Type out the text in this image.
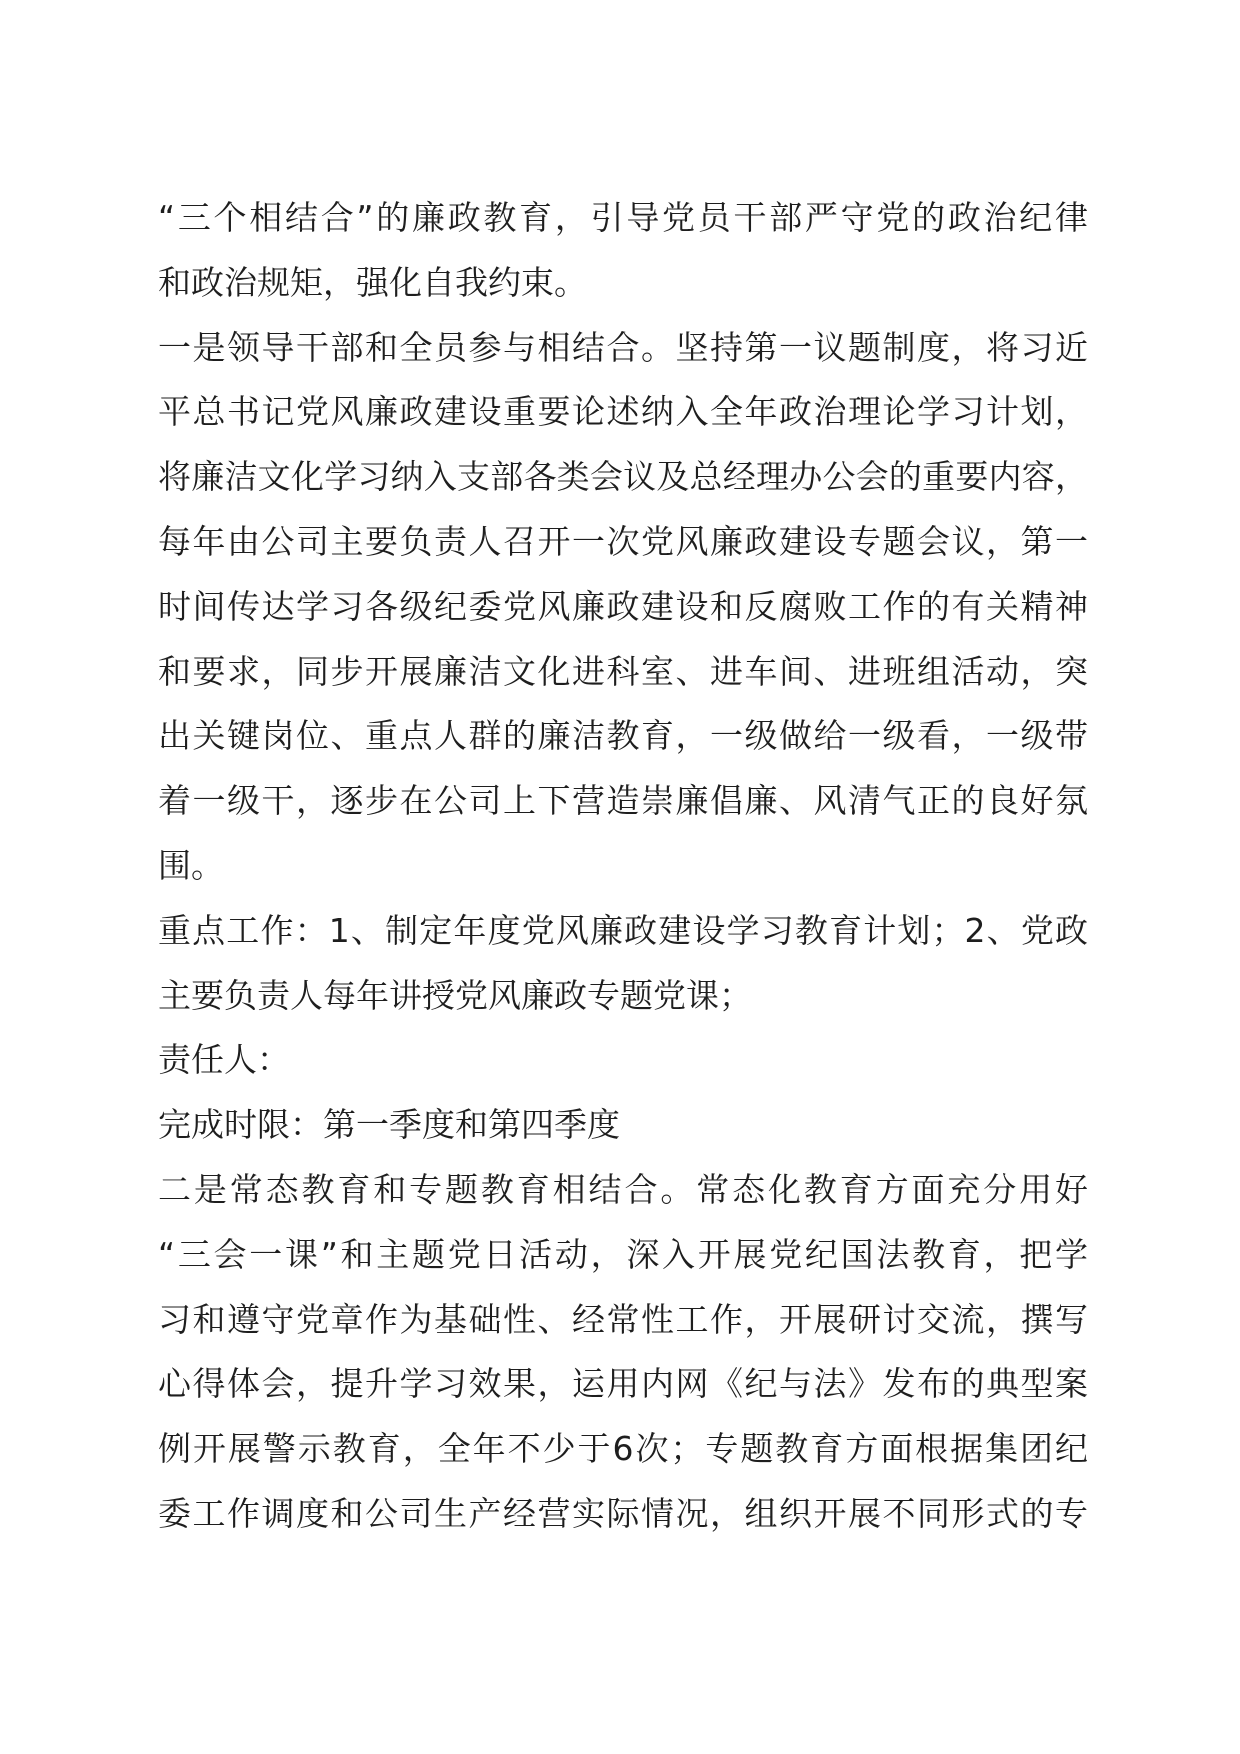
“三个相结合”的廉政教育，引导党员干部严守党的政治纪律
和政治规矩，强化自我约束。
一是领导干部和全员参与相结合。坚持第一议题制度，将习近
平总书记党风廉政建设重要论述纳入全年政治理论学习计划，
将廉洁文化学习纳入支部各类会议及总经理办公会的重要内容，
每年由公司主要负责人召开一次党风廉政建设专题会议，第一
时间传达学习各级纪委党风廉政建设和反腐败工作的有关精神
和要求，同步开展廉洁文化进科室、进车间、进班组活动，突
出关键岗位、重点人群的廉洁教育，一级做给一级看，一级带
着一级干，逐步在公司上下营造崇廉倡廉、风清气正的良好氛
围。
重点工作：1、制定年度党风廉政建设学习教育计划；2、党政
主要负责人每年讲授党风廉政专题党课；
责任人：
完成时限：第一季度和第四季度
二是常态教育和专题教育相结合。常态化教育方面充分用好
“三会一课”和主题党日活动，深入开展党纪国法教育，把学
习和遵守党章作为基础性、经常性工作，开展研讨交流，撰写
心得体会，提升学习效果，运用内网《纪与法》发布的典型案
例开展警示教育，全年不少于6次；专题教育方面根据集团纪
委工作调度和公司生产经营实际情况，组织开展不同形式的专
